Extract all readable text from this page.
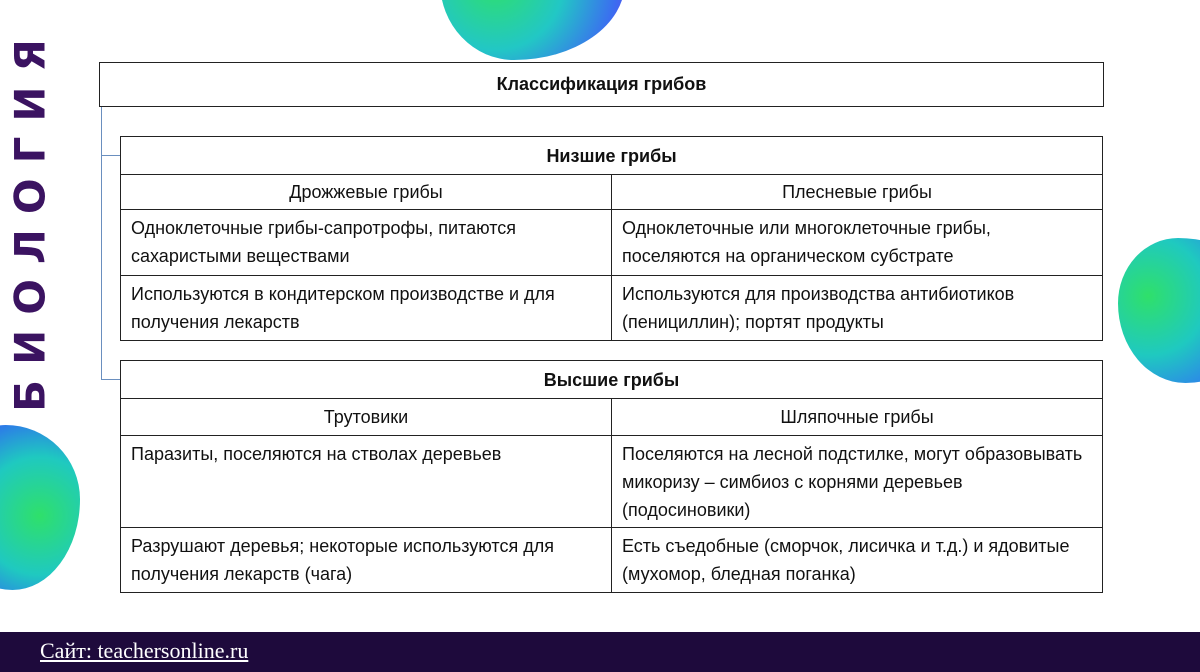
БИОЛОГИЯ	Классификация грибов
Низшие грибы	
Дрожжевые грибы	Плесневые грибы
Одноклеточные грибы-сапротрофы, питаются сахаристыми веществами	Одноклеточные или многоклеточные грибы, поселяются на органическом субстрате
Используются в кондитерском производстве и для получения лекарств	Используются для производства антибиотиков (пенициллин); портят продукты
Высшие грибы	
Трутовики	Шляпочные грибы
Паразиты, поселяются на стволах деревьев	Поселяются на лесной подстилке, могут образовывать микоризу – симбиоз с корнями деревьев (подосиновики)
Разрушают деревья; некоторые используются для получения лекарств (чага)	Есть съедобные (сморчок, лисичка и т.д.) и ядовитые (мухомор, бледная поганка)
Сайт: teachersonline.ru
